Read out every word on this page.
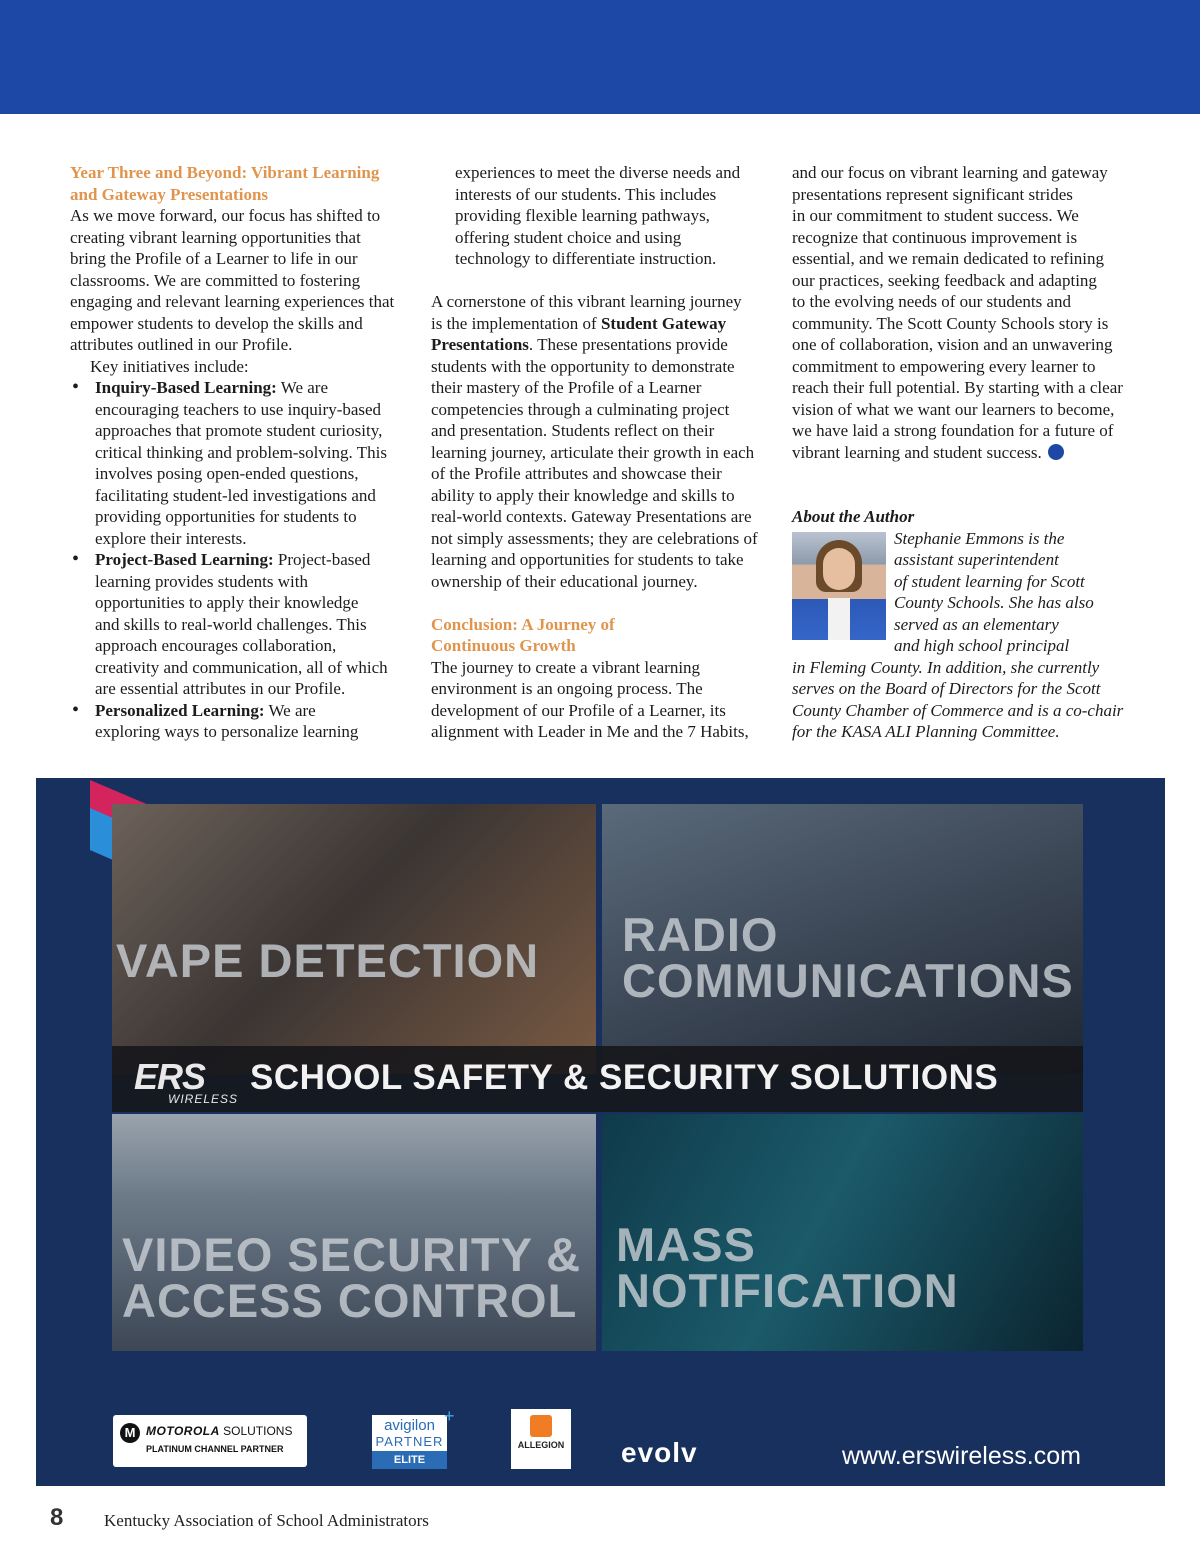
Year Three and Beyond: Vibrant Learning
and Gateway Presentations

As we move forward, our focus has shifted to
creating vibrant learning opportunities that
bring the Profile of a Learner to life in our
classrooms. We are committed to fostering
engaging and relevant learning experiences that
empower students to develop the skills and
attributes outlined in our Profile.

Key initiatives include:

• Inquiry-Based Learning: We are
encouraging teachers to use inquiry-based
approaches that promote student curiosity,
critical thinking and problem-solving. This
involves posing open-ended questions,
facilitating student-led investigations and
providing opportunities for students to
explore their interests.
• Project-Based Learning: Project-based
learning provides students with
opportunities to apply their knowledge
and skills to real-world challenges. This
approach encourages collaboration,
creativity and communication, all of which
are essential attributes in our Profile.
• Personalized Learning: We are
exploring ways to personalize learning

experiences to meet the diverse needs and
interests of our students. This includes
providing flexible learning pathways,
offering student choice and using
technology to differentiate instruction.

A cornerstone of this vibrant learning journey
is the implementation of Student Gateway
Presentations. These presentations provide
students with the opportunity to demonstrate
their mastery of the Profile of a Learner
competencies through a culminating project
and presentation. Students reflect on their
learning journey, articulate their growth in each
of the Profile attributes and showcase their
ability to apply their knowledge and skills to
real-world contexts. Gateway Presentations are
not simply assessments; they are celebrations of
learning and opportunities for students to take
ownership of their educational journey.

Conclusion: A Journey of
Continuous Growth

The journey to create a vibrant learning
environment is an ongoing process. The
development of our Profile of a Learner, its
alignment with Leader in Me and the 7 Habits,

and our focus on vibrant learning and gateway
presentations represent significant strides
in our commitment to student success. We
recognize that continuous improvement is
essential, and we remain dedicated to refining
our practices, seeking feedback and adapting
to the evolving needs of our students and
community. The Scott County Schools story is
one of collaboration, vision and an unwavering
commitment to empowering every learner to
reach their full potential. By starting with a clear
vision of what we want our learners to become,
we have laid a strong foundation for a future of
vibrant learning and student success.

About the Author

Stephanie Emmons is the
assistant superintendent
of student learning for Scott
County Schools. She has also
served as an elementary
and high school principal
in Fleming County. In addition, she currently
serves on the Board of Directors for the Scott
County Chamber of Commerce and is a co-chair
for the KASA ALI Planning Committee.

VAPE DETECTION RADIO
COMMUNICATIONS
VIDEO SECURITY &
ACCESS CONTROL
MASS
NOTIFICATION
ERS
WIRELESS
SCHOOL SAFETY & SECURITY SOLUTIONS
M MOTOROLA SOLUTIONS
PLATINUM CHANNEL PARTNER
avigilon
PARTNER
ELITE
+
ALLEGION evolv	www.erswireless.com
8 Kentucky Association of School Administrators
